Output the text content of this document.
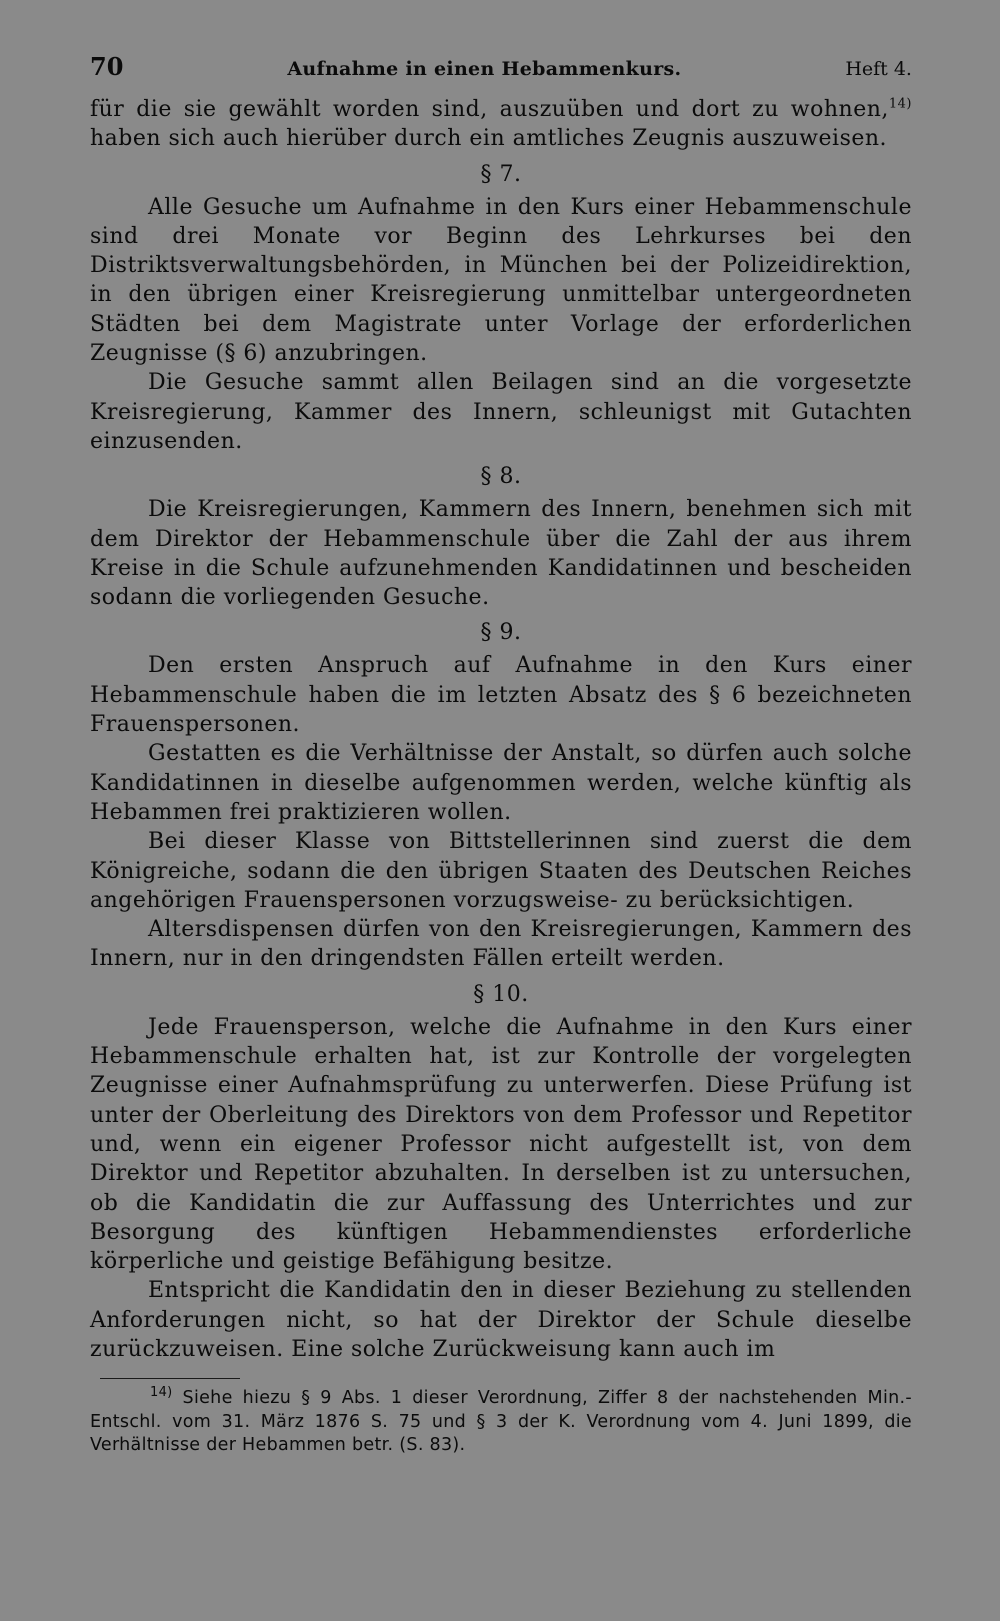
70	Aufnahme in einen Hebammenkurs.	Heft 4.

für die sie gewählt worden sind, auszuüben und dort zu wohnen,$^{14)}$ haben sich auch hierüber durch ein amtliches Zeugnis auszuweisen.

§ 7.

Alle Gesuche um Aufnahme in den Kurs einer Hebammenschule sind drei Monate vor Beginn des Lehrkurses bei den Distriktsverwaltungsbehörden, in München bei der Polizeidirektion, in den übrigen einer Kreisregierung unmittelbar untergeordneten Städten bei dem Magistrate unter Vorlage der erforderlichen Zeugnisse (§ 6) anzubringen.

Die Gesuche sammt allen Beilagen sind an die vorgesetzte Kreisregierung, Kammer des Innern, schleunigst mit Gutachten einzusenden.

§ 8.

Die Kreisregierungen, Kammern des Innern, benehmen sich mit dem Direktor der Hebammenschule über die Zahl der aus ihrem Kreise in die Schule aufzunehmenden Kandidatinnen und bescheiden sodann die vorliegenden Gesuche.

§ 9.

Den ersten Anspruch auf Aufnahme in den Kurs einer Hebammenschule haben die im letzten Absatz des § 6 bezeichneten Frauenspersonen.

Gestatten es die Verhältnisse der Anstalt, so dürfen auch solche Kandidatinnen in dieselbe aufgenommen werden, welche künftig als Hebammen frei praktizieren wollen.

Bei dieser Klasse von Bittstellerinnen sind zuerst die dem Königreiche, sodann die den übrigen Staaten des Deutschen Reiches angehörigen Frauenspersonen vorzugsweise- zu berücksichtigen.

Altersdispensen dürfen von den Kreisregierungen, Kammern des Innern, nur in den dringendsten Fällen erteilt werden.

§ 10.

Jede Frauensperson, welche die Aufnahme in den Kurs einer Hebammenschule erhalten hat, ist zur Kontrolle der vorgelegten Zeugnisse einer Aufnahmsprüfung zu unterwerfen. Diese Prüfung ist unter der Oberleitung des Direktors von dem Professor und Repetitor und, wenn ein eigener Professor nicht aufgestellt ist, von dem Direktor und Repetitor abzuhalten. In derselben ist zu untersuchen, ob die Kandidatin die zur Auffassung des Unterrichtes und zur Besorgung des künftigen Hebammendienstes erforderliche körperliche und geistige Befähigung besitze.

Entspricht die Kandidatin den in dieser Beziehung zu stellenden Anforderungen nicht, so hat der Direktor der Schule dieselbe zurückzuweisen. Eine solche Zurückweisung kann auch im

$^{14)}$ Siehe hiezu § 9 Abs. 1 dieser Verordnung, Ziffer 8 der nachstehenden Min.-Entschl. vom 31. März 1876 S. 75 und § 3 der K. Verordnung vom 4. Juni 1899, die Verhältnisse der Hebammen betr. (S. 83).
